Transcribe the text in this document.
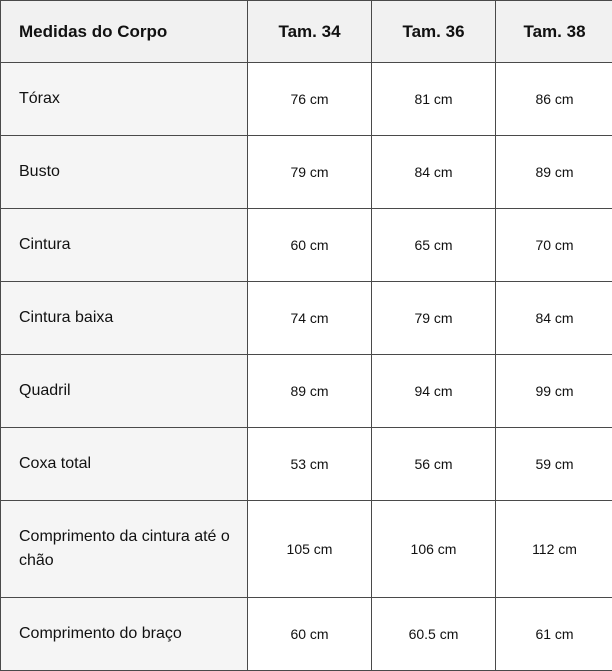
Medidas do Corpo	Tam. 34	Tam. 36	Tam. 38
Tórax	76 cm	81 cm	86 cm
Busto	79 cm	84 cm	89 cm
Cintura	60 cm	65 cm	70 cm
Cintura baixa	74 cm	79 cm	84 cm
Quadril	89 cm	94 cm	99 cm
Coxa total	53 cm	56 cm	59 cm
Comprimento da cintura até o chão	105 cm	106 cm	112 cm
Comprimento do braço	60 cm	60.5 cm	61 cm
